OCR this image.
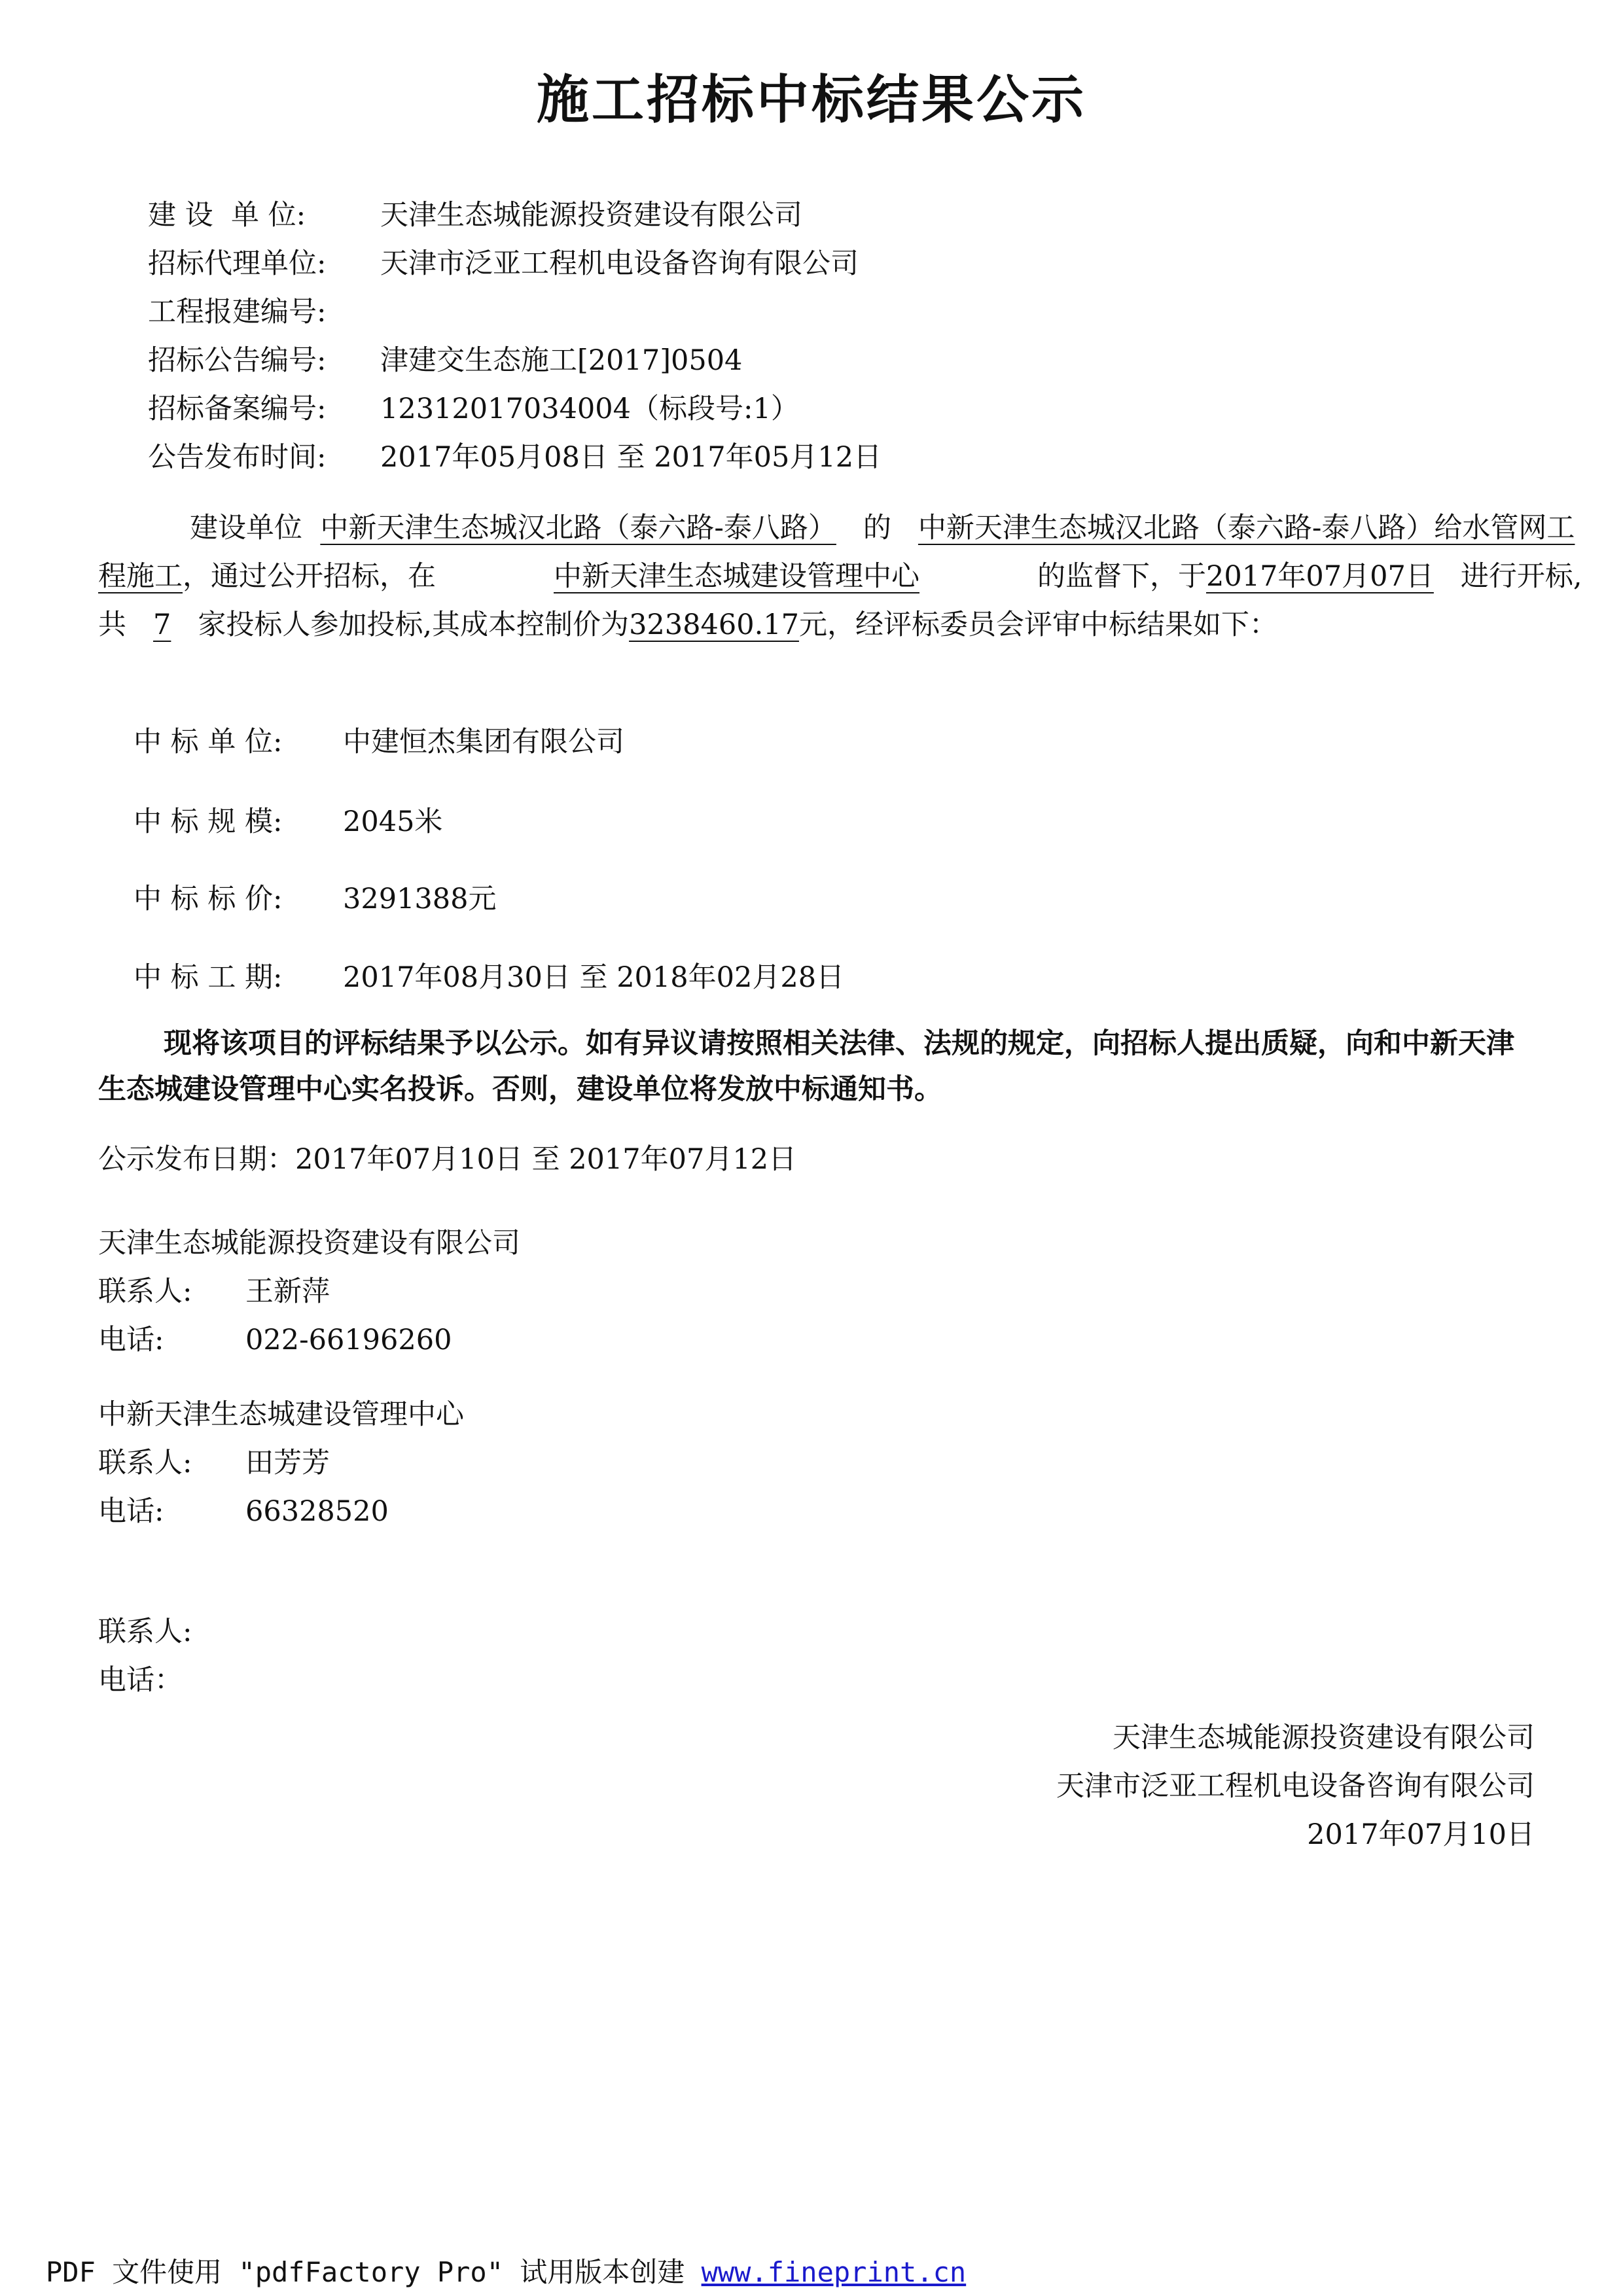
施工招标中标结果公示
建 设  单 位:	天津生态城能源投资建设有限公司
招标代理单位: 天津市泛亚工程机电设备咨询有限公司
工程报建编号:
招标公告编号: 津建交生态施工[2017]0504
招标备案编号: 12312017034004（标段号:1）
公告发布时间: 2017年05月08日 至 2017年05月12日
建设单位 中新天津生态城汉北路（泰六路-泰八路） 的 中新天津生态城汉北路（泰六路-泰八路）给水管网工程施工，通过公开招标，在	中新天津生态城建设管理中心	的监督下，于2017年07月07日 进行开标,共 7 家投标人参加投标,其成本控制价为3238460.17元，经评标委员会评审中标结果如下：
中 标 单 位: 中建恒杰集团有限公司
中 标 规 模: 2045米
中 标 标 价: 3291388元
中 标 工 期: 2017年08月30日 至 2018年02月28日
现将该项目的评标结果予以公示。如有异议请按照相关法律、法规的规定，向招标人提出质疑，向和中新天津生态城建设管理中心实名投诉。否则，建设单位将发放中标通知书。
公示发布日期：2017年07月10日 至 2017年07月12日
天津生态城能源投资建设有限公司
联系人: 王新萍
电话:	022-66196260
中新天津生态城建设管理中心
联系人: 田芳芳
电话:	66328520
联系人:
电话：
天津生态城能源投资建设有限公司
天津市泛亚工程机电设备咨询有限公司
2017年07月10日
PDF 文件使用 "pdfFactory Pro" 试用版本创建 www.fineprint.cn
